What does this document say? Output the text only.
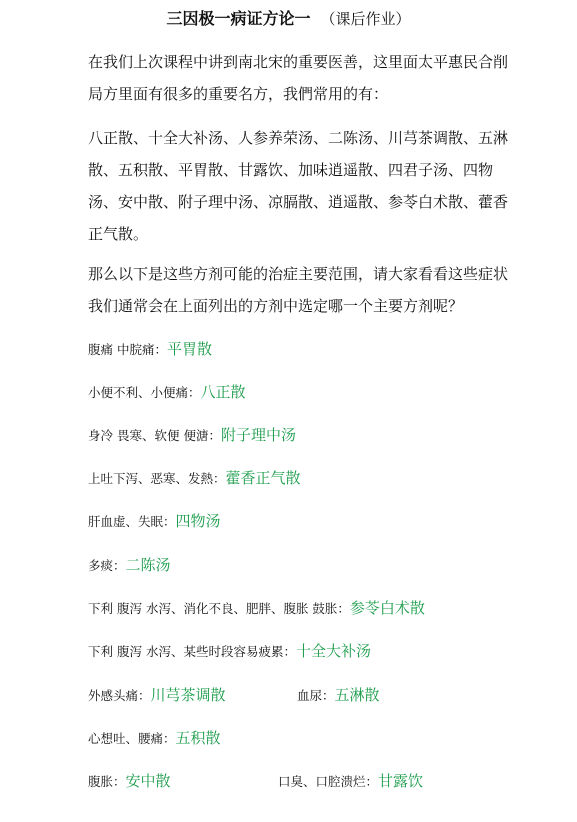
三因极一病证方论一 （课后作业）

在我们上次课程中讲到南北宋的重要医善，这里面太平惠民合削局方里面有很多的重要名方，我們常用的有：

八正散、十全大补汤、人参养荣汤、二陈汤、川芎茶调散、五淋散、五积散、平胃散、甘露饮、加味逍遥散、四君子汤、四物汤、安中散、附子理中汤、凉膈散、逍遥散、参苓白术散、藿香正气散。

那么以下是这些方剂可能的治症主要范围，请大家看看这些症状我们通常会在上面列出的方剂中选定哪一个主要方剂呢？

腹痛 中脘痛：平胃散
小便不利、小便痛：八正散
身冷 畏寒、软便 便溏：附子理中汤
上吐下泻、恶寒、发熱：藿香正气散
肝血虚、失眠：四物汤
多痰：二陈汤
下利 腹泻 水泻、消化不良、肥胖、腹胀 鼓胀：参苓白术散
下利 腹泻 水泻、某些时段容易疲累：十全大补汤
外感头痛：川芎茶调散	血尿：五淋散
心想吐、腰痛：五积散
腹胀：安中散	口臭、口腔溃烂：甘露饮
